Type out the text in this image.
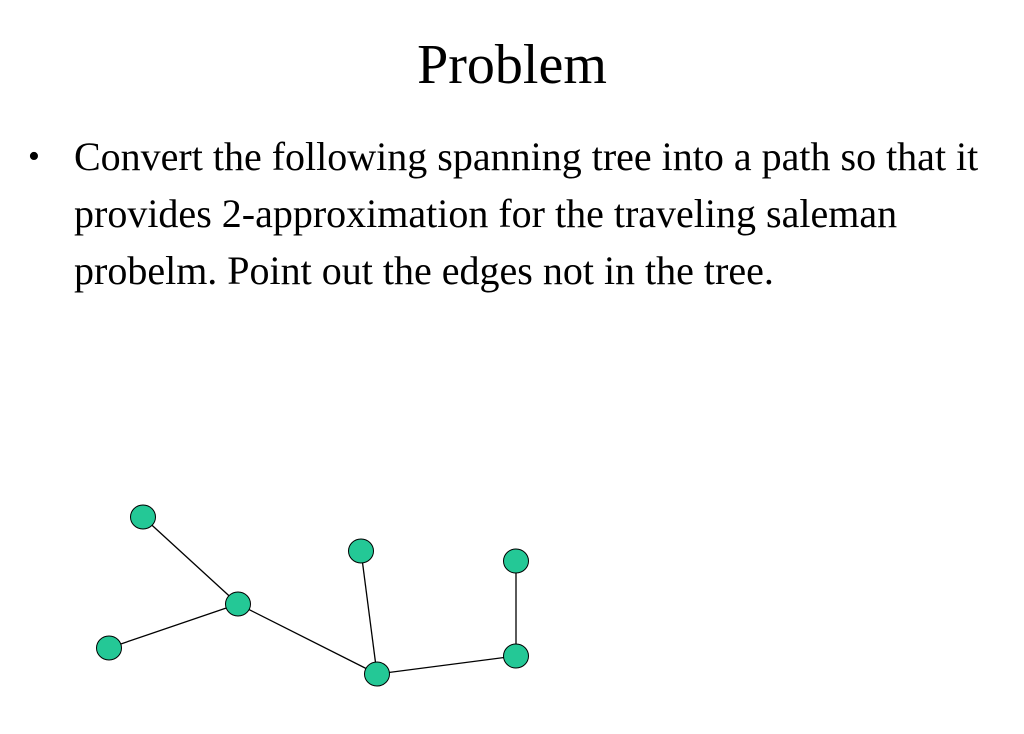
Problem
• Convert the following spanning tree into a path so that it provides 2-approximation for the traveling saleman probelm. Point out the edges not in the tree.
